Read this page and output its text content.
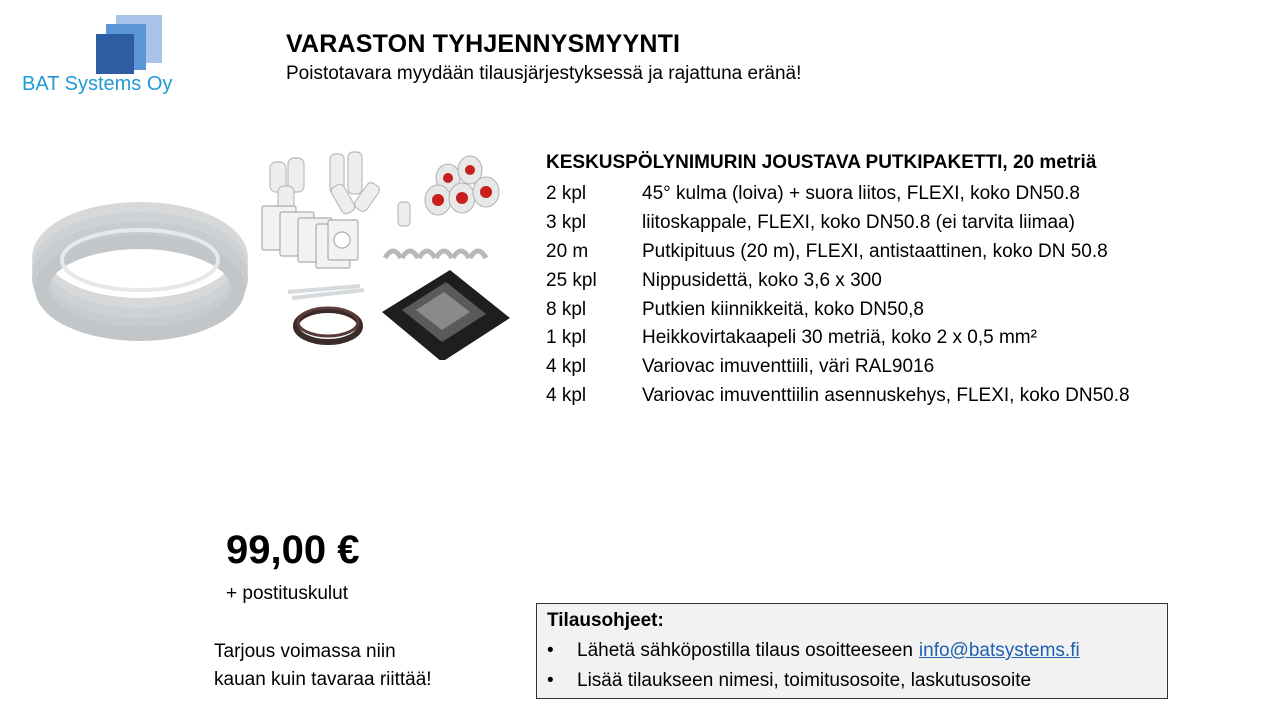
BAT Systems Oy
VARASTON TYHJENNYSMYYNTI
Poistotavara myydään tilausjärjestyksessä ja rajattuna eränä!
KESKUSPÖLYNIMURIN JOUSTAVA PUTKIPAKETTI, 20 metriä
2 kpl	45° kulma (loiva) + suora liitos, FLEXI, koko DN50.8
3 kpl	liitoskappale, FLEXI, koko DN50.8 (ei tarvita liimaa)
20 m	Putkipituus (20 m), FLEXI, antistaattinen, koko DN 50.8
25 kpl	Nippusidettä, koko 3,6 x 300
8 kpl	Putkien kiinnikkeitä, koko DN50,8
1 kpl	Heikkovirtakaapeli 30 metriä, koko 2 x 0,5 mm²
4 kpl	Variovac imuventtiili, väri RAL9016
4 kpl	Variovac imuventtiilin asennuskehys, FLEXI, koko DN50.8
99,00 €
+ postituskulut
Tarjous voimassa niin
kauan kuin tavaraa riittää!
Tilausohjeet:
•	Lähetä sähköpostilla tilaus osoitteeseen info@batsystems.fi
•	Lisää tilaukseen nimesi, toimitusosoite, laskutusosoite
